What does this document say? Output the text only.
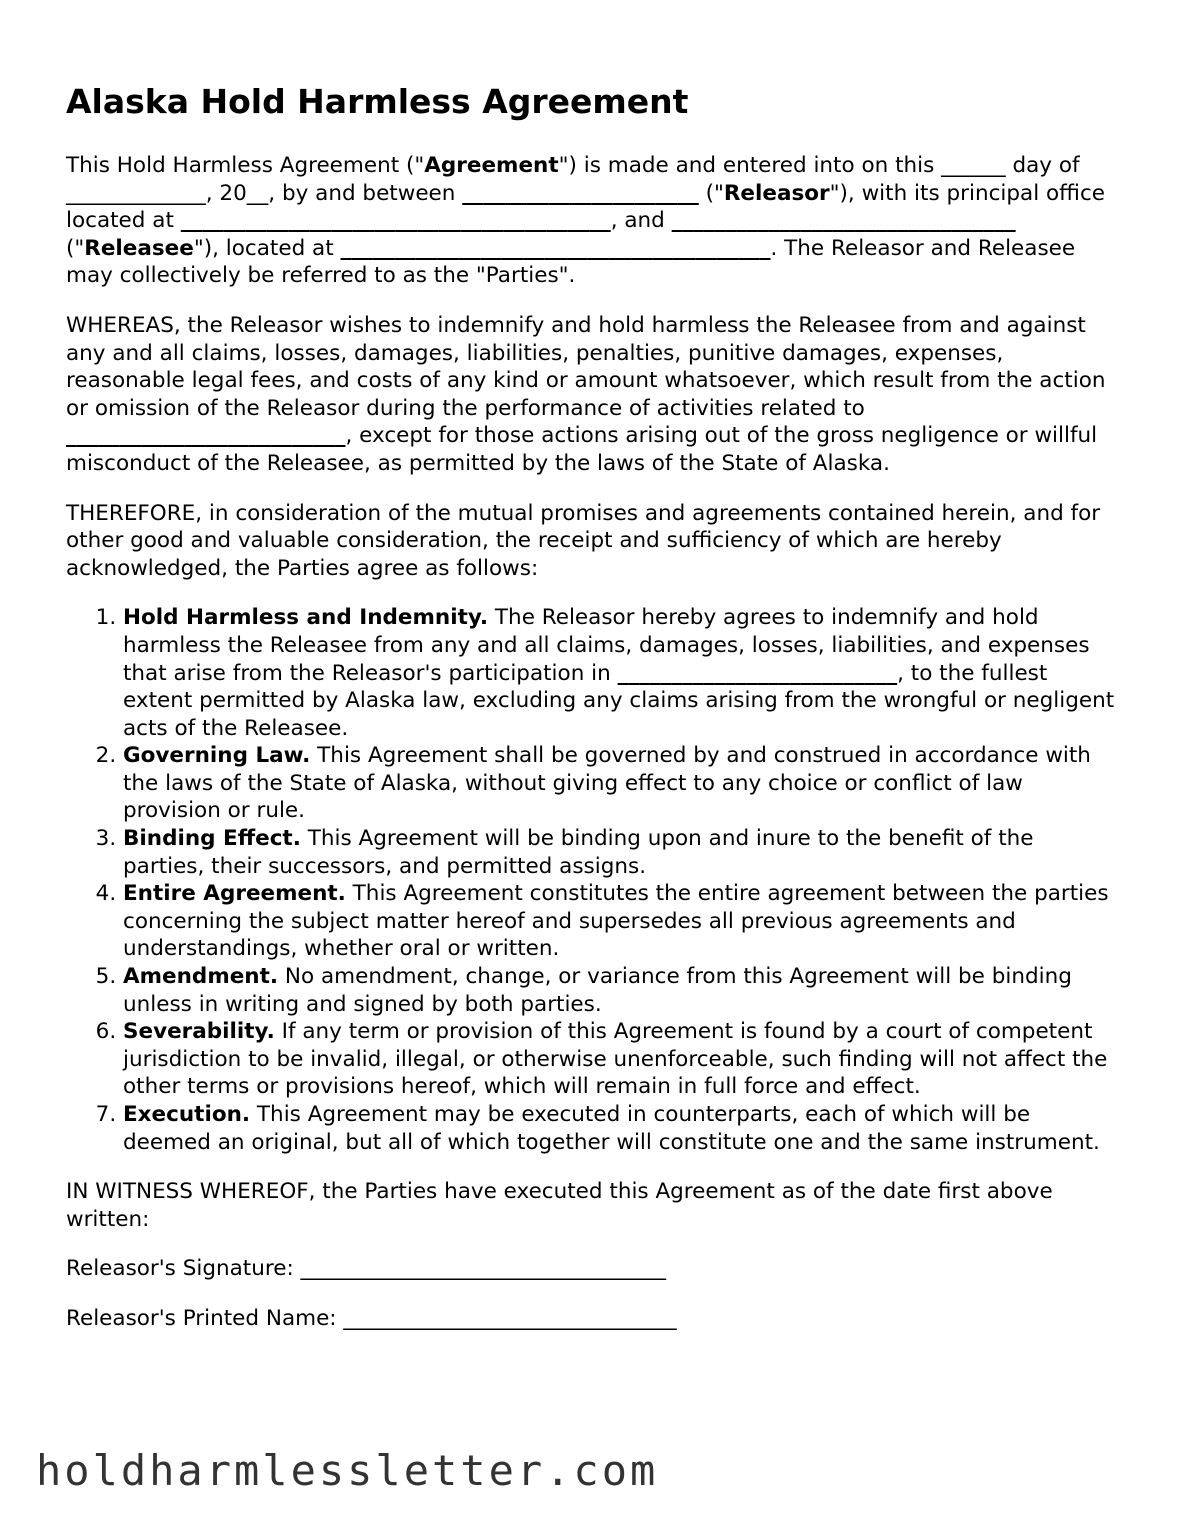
Alaska Hold Harmless Agreement

This Hold Harmless Agreement ("Agreement") is made and entered into on this ______ day of _____________, 20__, by and between ______________________ ("Releasor"), with its principal office located at ________________________________________, and ________________________________ ("Releasee"), located at ________________________________________. The Releasor and Releasee may collectively be referred to as the "Parties".

WHEREAS, the Releasor wishes to indemnify and hold harmless the Releasee from and against any and all claims, losses, damages, liabilities, penalties, punitive damages, expenses, reasonable legal fees, and costs of any kind or amount whatsoever, which result from the action or omission of the Releasor during the performance of activities related to __________________________, except for those actions arising out of the gross negligence or willful misconduct of the Releasee, as permitted by the laws of the State of Alaska.

THEREFORE, in consideration of the mutual promises and agreements contained herein, and for other good and valuable consideration, the receipt and sufficiency of which are hereby acknowledged, the Parties agree as follows:

1. Hold Harmless and Indemnity. The Releasor hereby agrees to indemnify and hold harmless the Releasee from any and all claims, damages, losses, liabilities, and expenses that arise from the Releasor's participation in __________________________, to the fullest extent permitted by Alaska law, excluding any claims arising from the wrongful or negligent acts of the Releasee.
2. Governing Law. This Agreement shall be governed by and construed in accordance with the laws of the State of Alaska, without giving effect to any choice or conflict of law provision or rule.
3. Binding Effect. This Agreement will be binding upon and inure to the benefit of the parties, their successors, and permitted assigns.
4. Entire Agreement. This Agreement constitutes the entire agreement between the parties concerning the subject matter hereof and supersedes all previous agreements and understandings, whether oral or written.
5. Amendment. No amendment, change, or variance from this Agreement will be binding unless in writing and signed by both parties.
6. Severability. If any term or provision of this Agreement is found by a court of competent jurisdiction to be invalid, illegal, or otherwise unenforceable, such finding will not affect the other terms or provisions hereof, which will remain in full force and effect.
7. Execution. This Agreement may be executed in counterparts, each of which will be deemed an original, but all of which together will constitute one and the same instrument.

IN WITNESS WHEREOF, the Parties have executed this Agreement as of the date first above written:

Releasor's Signature: __________________________________
Releasor's Printed Name: _______________________________
holdharmlessletter.com
